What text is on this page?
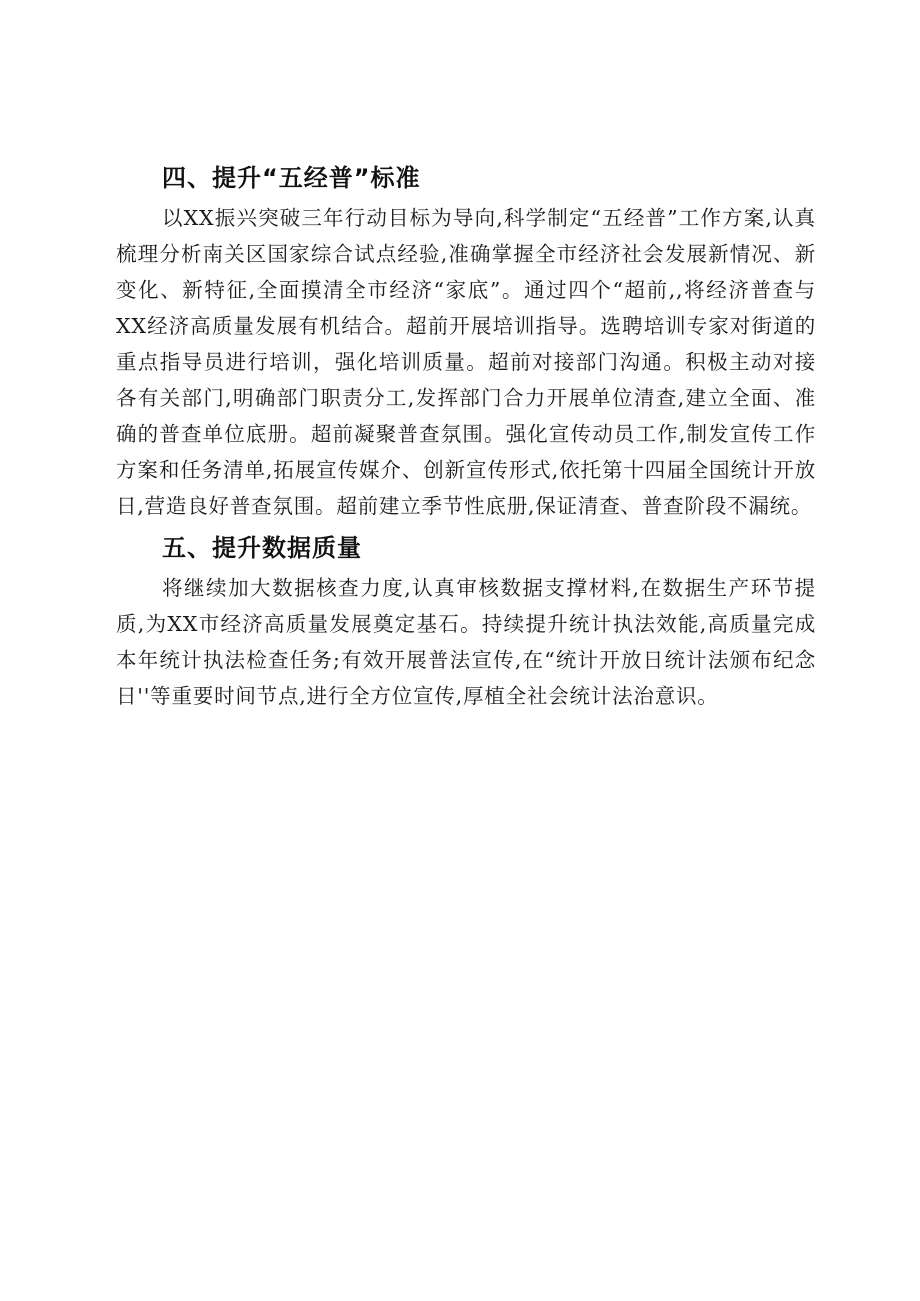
四、提升“五经普”标准

以XX振兴突破三年行动目标为导向,科学制定“五经普”工作方案,认真梳理分析南关区国家综合试点经验,准确掌握全市经济社会发展新情况、新变化、新特征,全面摸清全市经济“家底”。通过四个“超前,,将经济普查与XX经济高质量发展有机结合。超前开展培训指导。选聘培训专家对街道的重点指导员进行培训，强化培训质量。超前对接部门沟通。积极主动对接各有关部门,明确部门职责分工,发挥部门合力开展单位清查,建立全面、准确的普查单位底册。超前凝聚普查氛围。强化宣传动员工作,制发宣传工作方案和任务清单,拓展宣传媒介、创新宣传形式,依托第十四届全国统计开放日,营造良好普查氛围。超前建立季节性底册,保证清查、普查阶段不漏统。

五、提升数据质量

将继续加大数据核查力度,认真审核数据支撑材料,在数据生产环节提质,为XX市经济高质量发展奠定基石。持续提升统计执法效能,高质量完成本年统计执法检查任务;有效开展普法宣传,在“统计开放日统计法颁布纪念日''等重要时间节点,进行全方位宣传,厚植全社会统计法治意识。
